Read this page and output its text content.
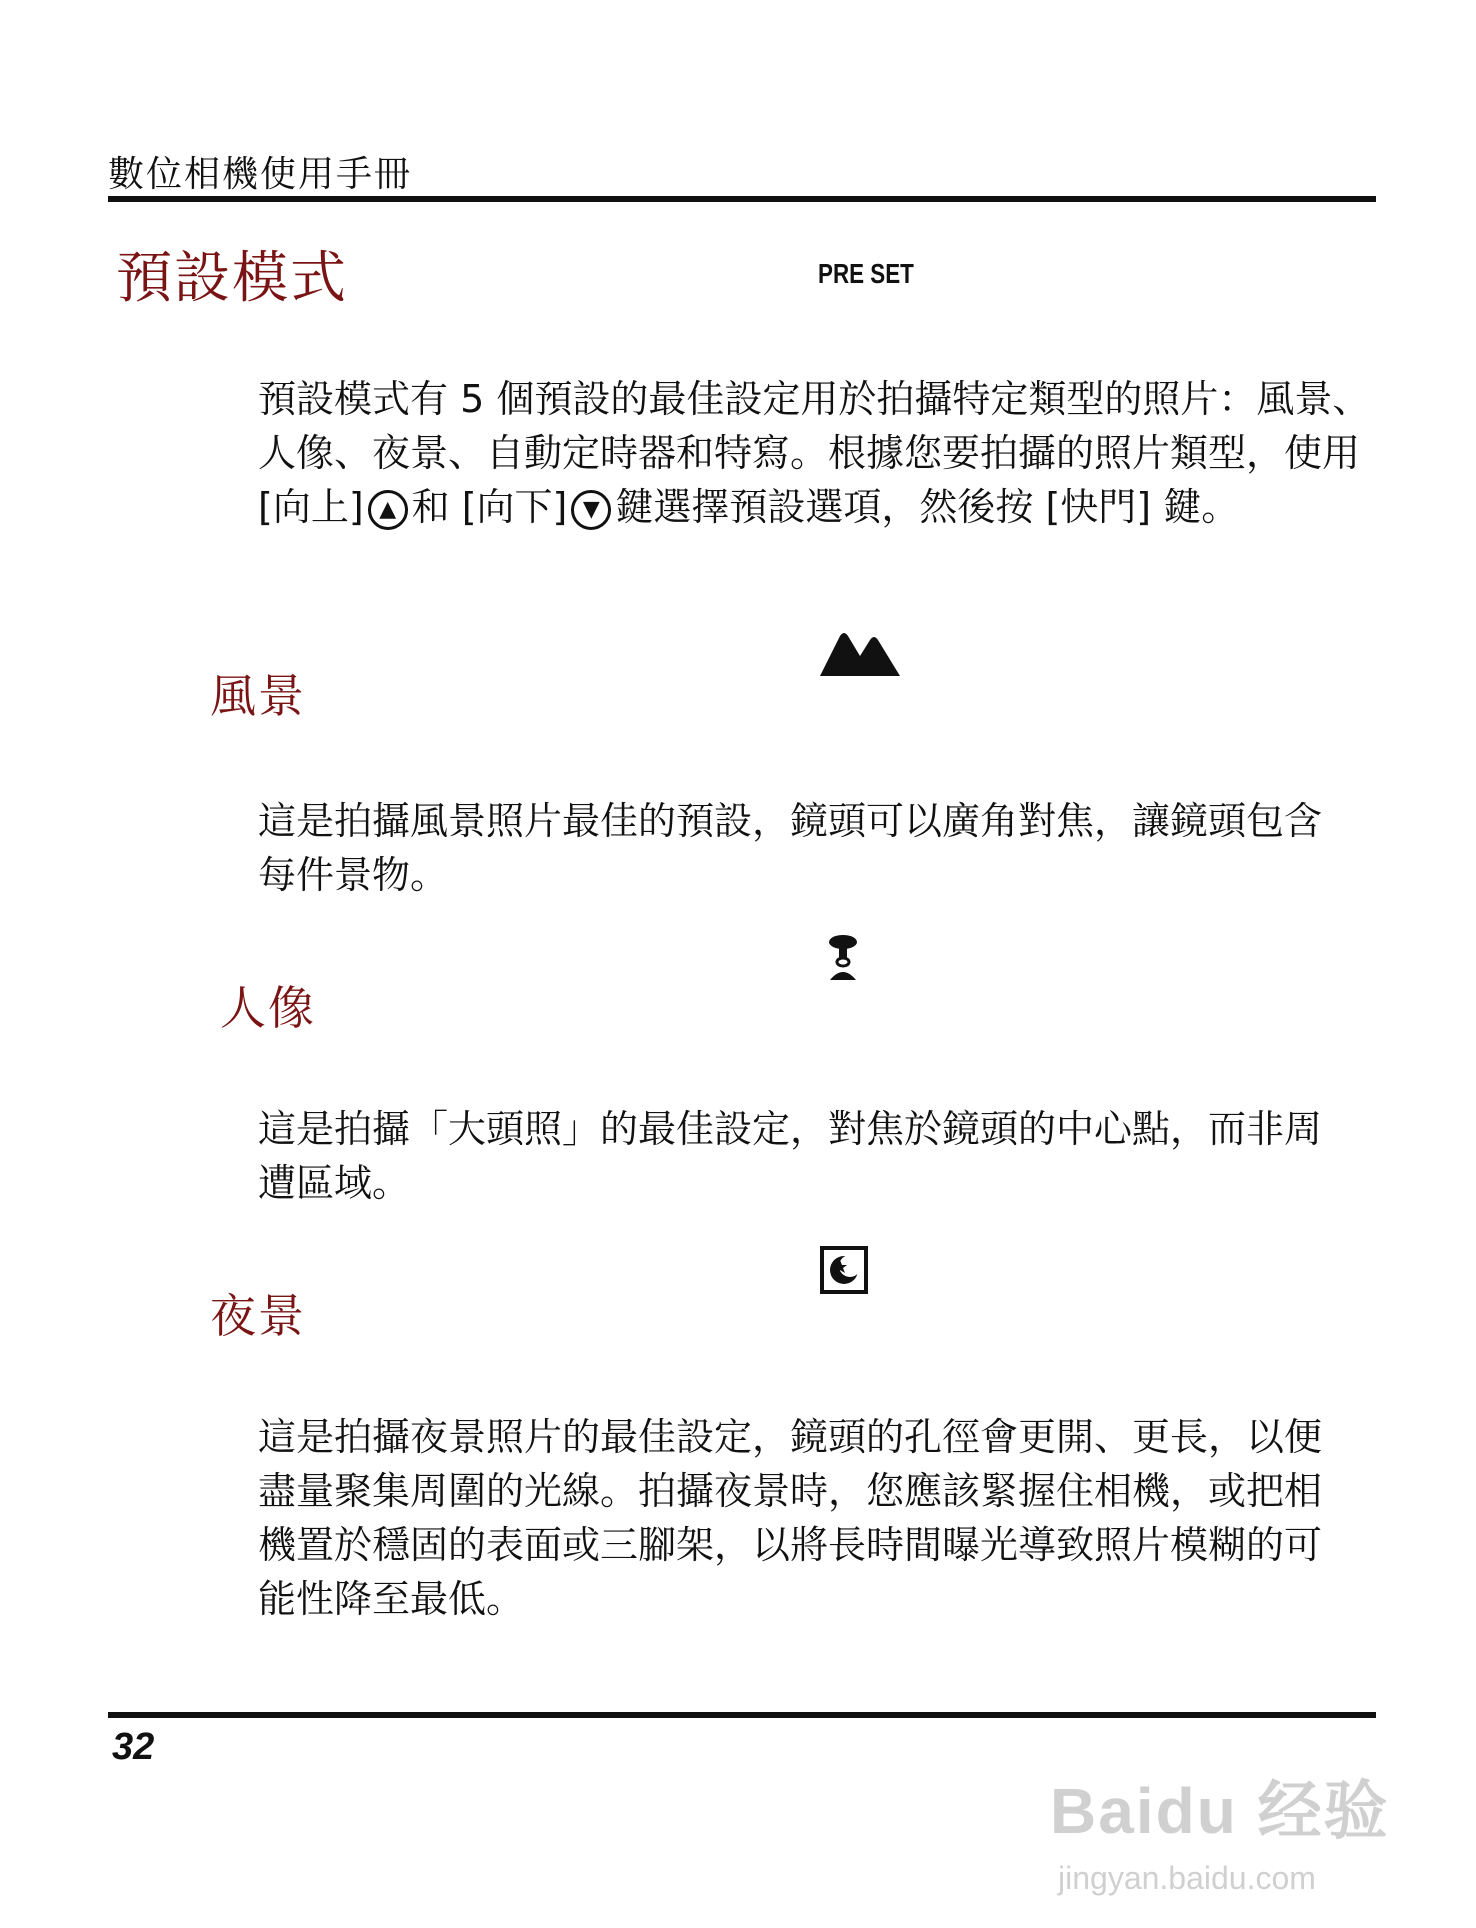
數位相機使用手冊
預設模式	PRE SET

預設模式有 5 個預設的最佳設定用於拍攝特定類型的照片：風景、人像、夜景、自動定時器和特寫。根據您要拍攝的照片類型，使用 [向上] ▲ 和 [向下] ▼ 鍵選擇預設選項，然後按 [快門] 鍵。

風景

這是拍攝風景照片最佳的預設，鏡頭可以廣角對焦，讓鏡頭包含每件景物。

人像

這是拍攝「大頭照」的最佳設定，對焦於鏡頭的中心點，而非周遭區域。

夜景

這是拍攝夜景照片的最佳設定，鏡頭的孔徑會更開、更長，以便盡量聚集周圍的光線。拍攝夜景時，您應該緊握住相機，或把相機置於穩固的表面或三腳架，以將長時間曝光導致照片模糊的可能性降至最低。

32
Baidu 经验
jingyan.baidu.com
